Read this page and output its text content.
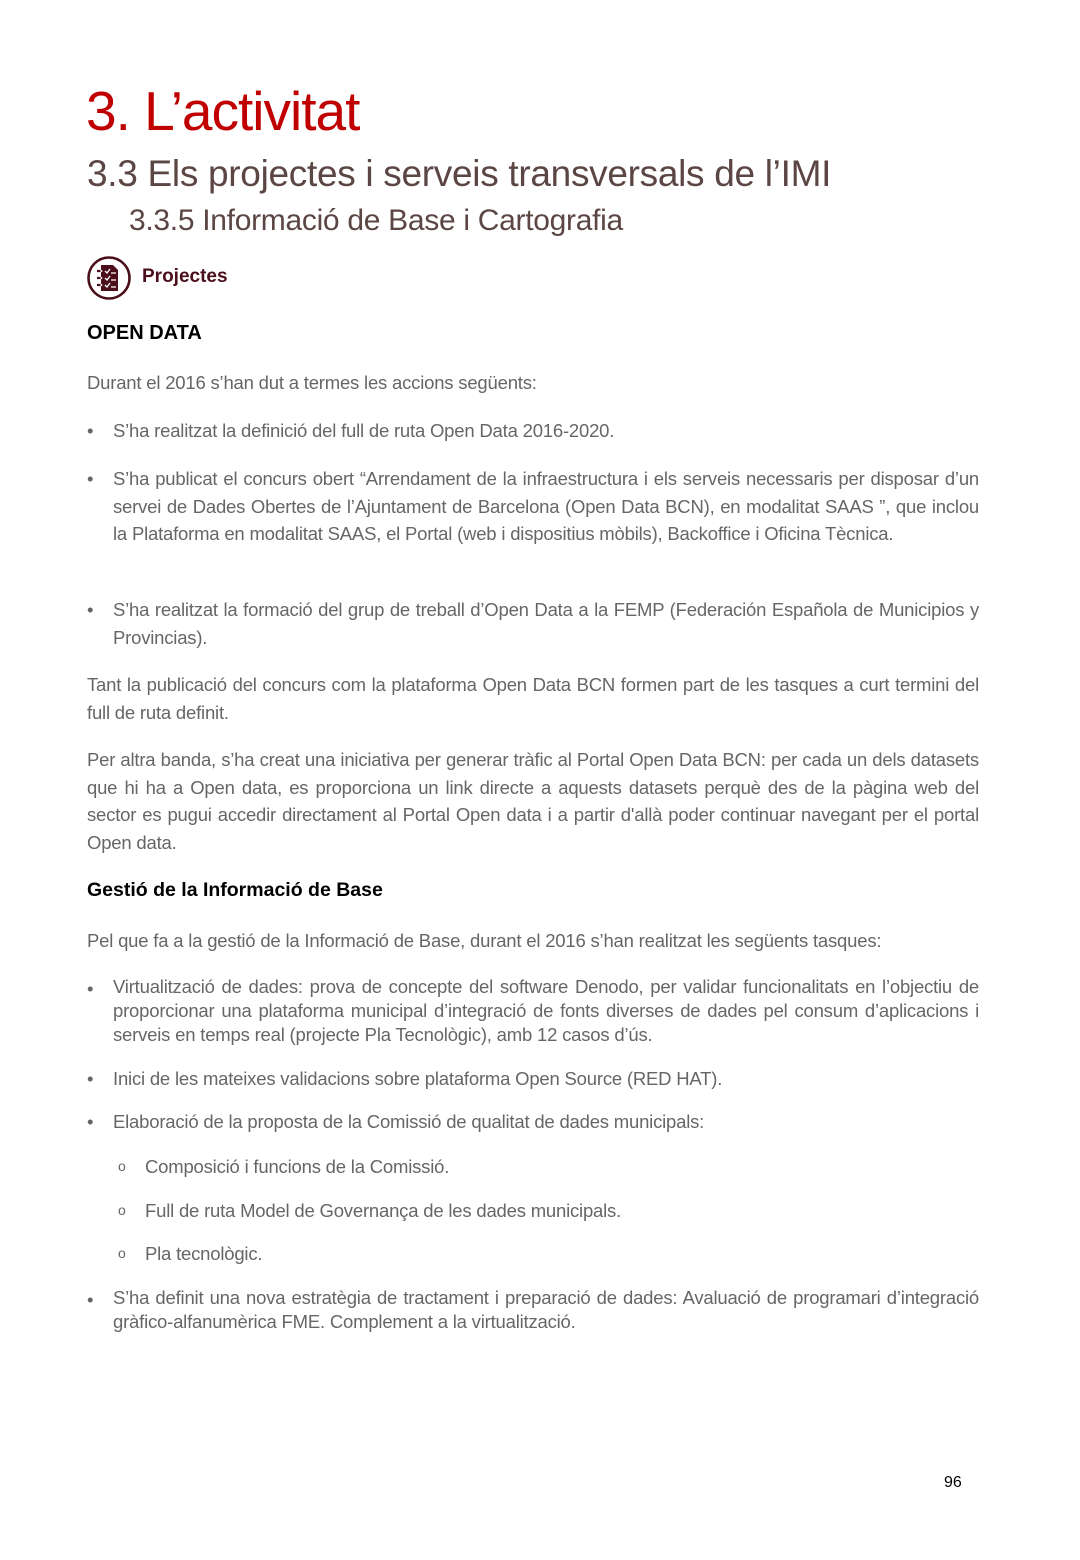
3. L’activitat
3.3 Els projectes i serveis transversals de l’IMI
3.3.5 Informació de Base i Cartografia
Projectes
OPEN DATA
Durant el 2016 s’han dut a termes les accions següents:
•	S’ha realitzat la definició del full de ruta Open Data 2016-2020.
•	S’ha publicat el concurs obert “Arrendament de la infraestructura i els serveis necessaris per disposar d’un servei de Dades Obertes de l’Ajuntament de Barcelona (Open Data BCN), en modalitat SAAS ”, que inclou la Plataforma en modalitat SAAS, el Portal (web i dispositius mòbils), Backoffice i Oficina Tècnica.
•	S’ha realitzat la formació del grup de treball d’Open Data a la FEMP (Federación Española de Municipios y Provincias).
Tant la publicació del concurs com la plataforma Open Data BCN formen part de les tasques a curt termini del full de ruta definit.
Per altra banda, s’ha creat una iniciativa per generar tràfic al Portal Open Data BCN: per cada un dels datasets que hi ha a Open data, es proporciona un link directe a aquests datasets perquè des de la pàgina web del sector es pugui accedir directament al Portal Open data i a partir d'allà poder continuar navegant per el portal Open data.
Gestió de la Informació de Base
Pel que fa a la gestió de la Informació de Base, durant el 2016 s’han realitzat les següents tasques:
•	Virtualització de dades: prova de concepte del software Denodo, per validar funcionalitats en l’objectiu de proporcionar una plataforma municipal d’integració de fonts diverses de dades pel consum d’aplicacions i serveis en temps real (projecte Pla Tecnològic), amb 12 casos d’ús.
•	Inici de les mateixes validacions sobre plataforma Open Source (RED HAT).
•	Elaboració de la proposta de la Comissió de qualitat de dades municipals:
o Composició i funcions de la Comissió.
o Full de ruta Model de Governança de les dades municipals.
o Pla tecnològic.
•	S’ha definit una nova estratègia de tractament i preparació de dades: Avaluació de programari d’integració gràfico-alfanumèrica FME. Complement a la virtualització.
96
